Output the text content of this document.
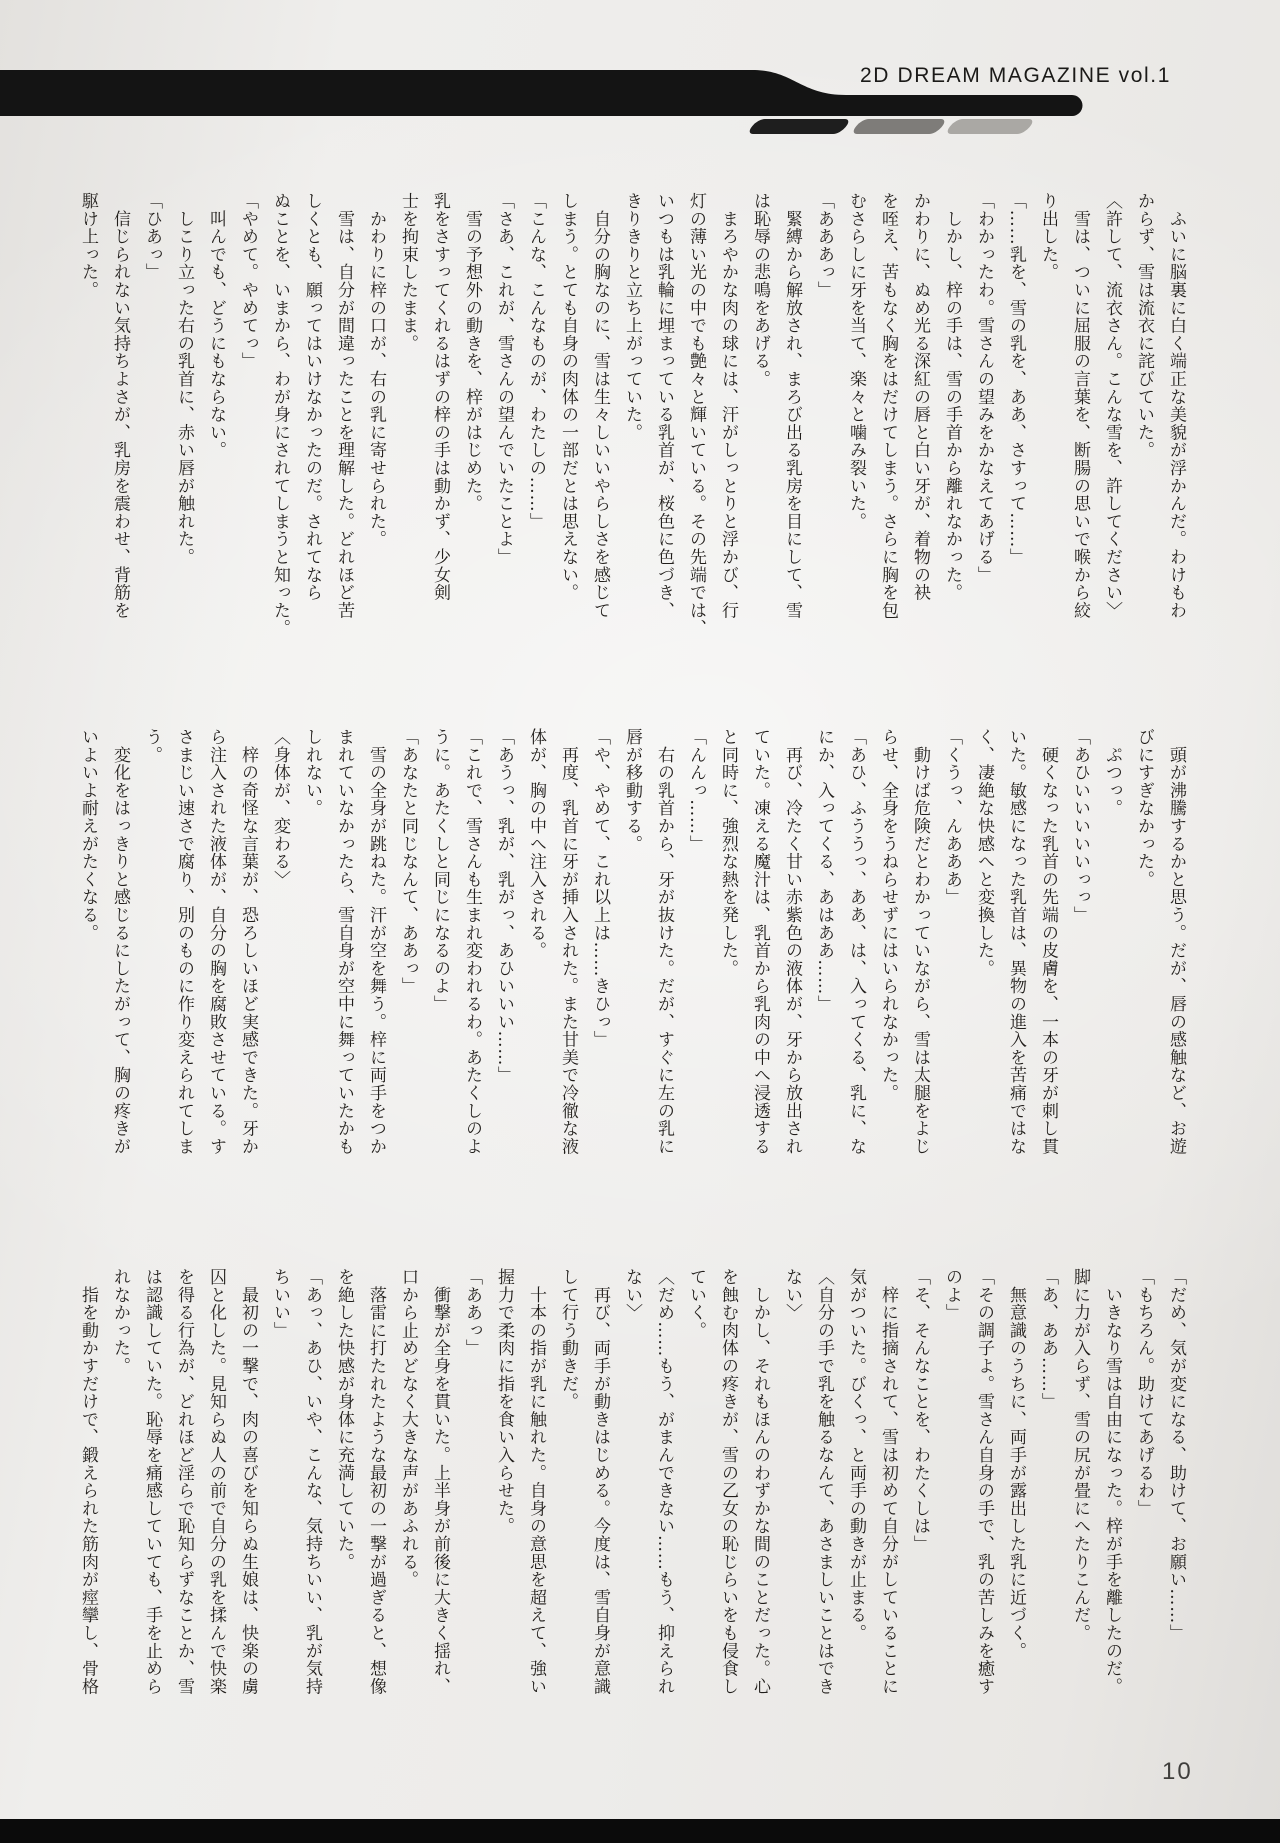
2D DREAM MAGAZINE vol.1
　ふいに脳裏に白く端正な美貌が浮かんだ。わけもわ
からず、雪は流衣に詫びていた。
〈許して、流衣さん。こんな雪を、許してください〉
　雪は、ついに屈服の言葉を、断腸の思いで喉から絞
り出した。
「……乳を、雪の乳を、ああ、さすって……」
「わかったわ。雪さんの望みをかなえてあげる」
　しかし、梓の手は、雪の手首から離れなかった。
かわりに、ぬめ光る深紅の唇と白い牙が、着物の袂
を咥え、苦もなく胸をはだけてしまう。さらに胸を包
むさらしに牙を当て、楽々と噛み裂いた。
「あああっ」
　緊縛から解放され、まろび出る乳房を目にして、雪
は恥辱の悲鳴をあげる。
　まろやかな肉の球には、汗がしっとりと浮かび、行
灯の薄い光の中でも艶々と輝いている。その先端では、
いつもは乳輪に埋まっている乳首が、桜色に色づき、
きりきりと立ち上がっていた。
　自分の胸なのに、雪は生々しいいやらしさを感じて
しまう。とても自身の肉体の一部だとは思えない。
「こんな、こんなものが、わたしの……」
「さあ、これが、雪さんの望んでいたことよ」
　雪の予想外の動きを、梓がはじめた。
乳をさすってくれるはずの梓の手は動かず、少女剣
士を拘束したまま。
　かわりに梓の口が、右の乳に寄せられた。
　雪は、自分が間違ったことを理解した。どれほど苦
しくとも、願ってはいけなかったのだ。されてなら
ぬことを、いまから、わが身にされてしまうと知った。
「やめて。やめてっ」
　叫んでも、どうにもならない。
　しこり立った右の乳首に、赤い唇が触れた。
「ひあっ」
　信じられない気持ちよさが、乳房を震わせ、背筋を
駆け上った。
　頭が沸騰するかと思う。だが、唇の感触など、お遊
びにすぎなかった。
　ぷつっ。
「あひいいいいいっっ」
　硬くなった乳首の先端の皮膚を、一本の牙が刺し貫
いた。敏感になった乳首は、異物の進入を苦痛ではな
く、凄絶な快感へと変換した。
「くうっ、んあああ」
　動けば危険だとわかっていながら、雪は太腿をよじ
らせ、全身をうねらせずにはいられなかった。
「あひ、ふううっ、ああ、は、入ってくる、乳に、な
にか、入ってくる、あはああ……」
　再び、冷たく甘い赤紫色の液体が、牙から放出され
ていた。凍える魔汁は、乳首から乳肉の中へ浸透する
と同時に、強烈な熱を発した。
「んんっ……」
　右の乳首から、牙が抜けた。だが、すぐに左の乳に
唇が移動する。
「や、やめて、これ以上は……きひっ」
　再度、乳首に牙が挿入された。また甘美で冷徹な液
体が、胸の中へ注入される。
「あうっ、乳が、乳がっ、あひいいい……」
「これで、雪さんも生まれ変われるわ。あたくしのよ
うに。あたくしと同じになるのよ」
「あなたと同じなんて、ああっ」
　雪の全身が跳ねた。汗が空を舞う。梓に両手をつか
まれていなかったら、雪自身が空中に舞っていたかも
しれない。
〈身体が、変わる〉
　梓の奇怪な言葉が、恐ろしいほど実感できた。牙か
ら注入された液体が、自分の胸を腐敗させている。す
さまじい速さで腐り、別のものに作り変えられてしま
う。
　変化をはっきりと感じるにしたがって、胸の疼きが
いよいよ耐えがたくなる。
「だめ、気が変になる、助けて、お願い……」
「もちろん。助けてあげるわ」
　いきなり雪は自由になった。梓が手を離したのだ。
脚に力が入らず、雪の尻が畳にへたりこんだ。
「あ、ああ……」
　無意識のうちに、両手が露出した乳に近づく。
「その調子よ。雪さん自身の手で、乳の苦しみを癒す
のよ」
「そ、そんなことを、わたくしは」
　梓に指摘されて、雪は初めて自分がしていることに
気がついた。びくっ、と両手の動きが止まる。
〈自分の手で乳を触るなんて、あさましいことはでき
ない〉
　しかし、それもほんのわずかな間のことだった。心
を蝕む肉体の疼きが、雪の乙女の恥じらいをも侵食し
ていく。
〈だめ……もう、がまんできない……もう、抑えられ
ない〉
　再び、両手が動きはじめる。今度は、雪自身が意識
して行う動きだ。
　十本の指が乳に触れた。自身の意思を超えて、強い
握力で柔肉に指を食い入らせた。
「ああっ」
　衝撃が全身を貫いた。上半身が前後に大きく揺れ、
口から止めどなく大きな声があふれる。
　落雷に打たれたような最初の一撃が過ぎると、想像
を絶した快感が身体に充満していた。
「あっ、あひ、いや、こんな、気持ちいい、乳が気持
ちいい」
　最初の一撃で、肉の喜びを知らぬ生娘は、快楽の虜
囚と化した。見知らぬ人の前で自分の乳を揉んで快楽
を得る行為が、どれほど淫らで恥知らずなことか、雪
は認識していた。恥辱を痛感していても、手を止めら
れなかった。
　指を動かすだけで、鍛えられた筋肉が痙攣し、骨格
10
